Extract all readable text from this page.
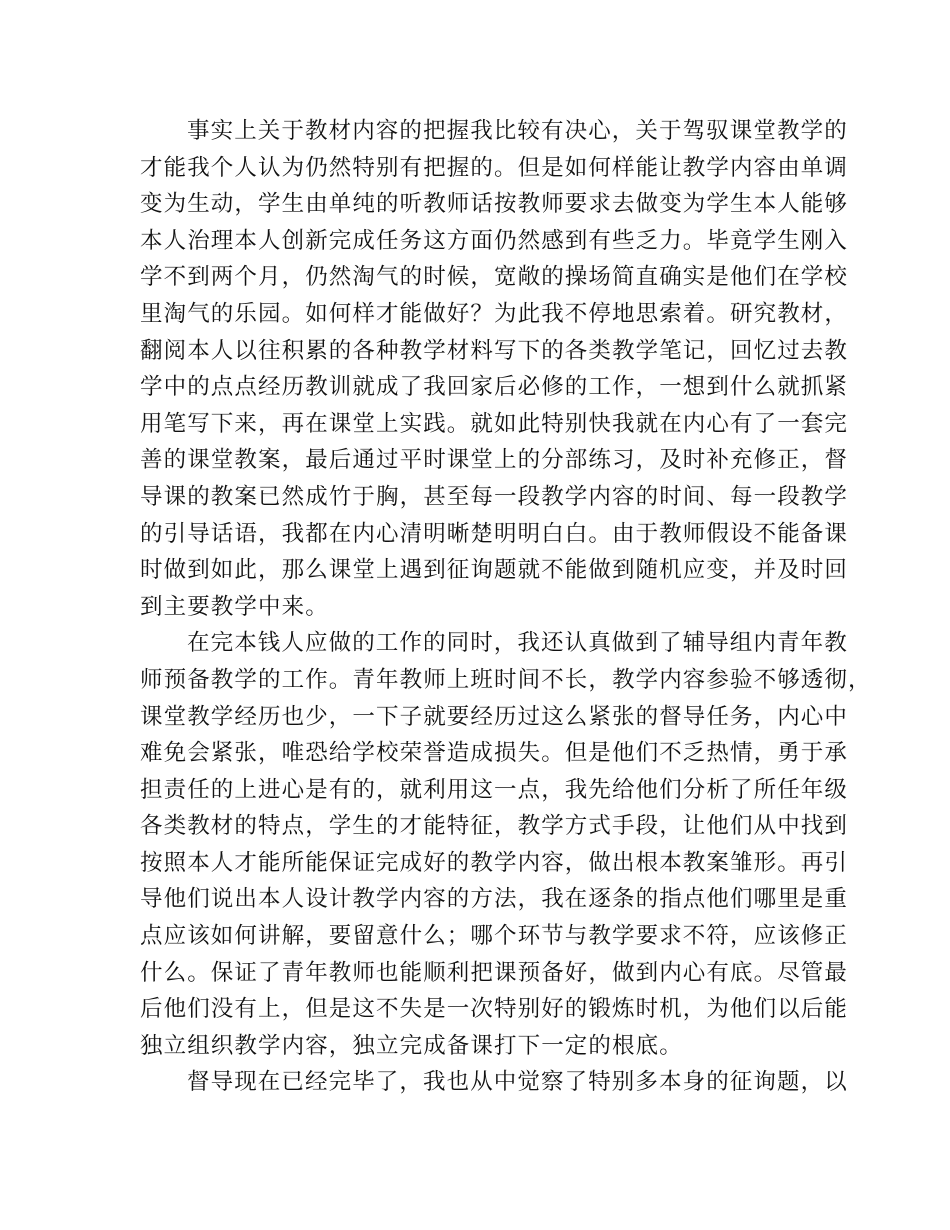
事实上关于教材内容的把握我比较有决心，关于驾驭课堂教学的
才能我个人认为仍然特别有把握的。但是如何样能让教学内容由单调
变为生动，学生由单纯的听教师话按教师要求去做变为学生本人能够
本人治理本人创新完成任务这方面仍然感到有些乏力。毕竟学生刚入
学不到两个月，仍然淘气的时候，宽敞的操场简直确实是他们在学校
里淘气的乐园。如何样才能做好？为此我不停地思索着。研究教材，
翻阅本人以往积累的各种教学材料写下的各类教学笔记，回忆过去教
学中的点点经历教训就成了我回家后必修的工作，一想到什么就抓紧
用笔写下来，再在课堂上实践。就如此特别快我就在内心有了一套完
善的课堂教案，最后通过平时课堂上的分部练习，及时补充修正，督
导课的教案已然成竹于胸，甚至每一段教学内容的时间、每一段教学
的引导话语，我都在内心清明晰楚明明白白。由于教师假设不能备课
时做到如此，那么课堂上遇到征询题就不能做到随机应变，并及时回
到主要教学中来。
在完本钱人应做的工作的同时，我还认真做到了辅导组内青年教
师预备教学的工作。青年教师上班时间不长，教学内容参验不够透彻，
课堂教学经历也少，一下子就要经历过这么紧张的督导任务，内心中
难免会紧张，唯恐给学校荣誉造成损失。但是他们不乏热情，勇于承
担责任的上进心是有的，就利用这一点，我先给他们分析了所任年级
各类教材的特点，学生的才能特征，教学方式手段，让他们从中找到
按照本人才能所能保证完成好的教学内容，做出根本教案雏形。再引
导他们说出本人设计教学内容的方法，我在逐条的指点他们哪里是重
点应该如何讲解，要留意什么；哪个环节与教学要求不符，应该修正
什么。保证了青年教师也能顺利把课预备好，做到内心有底。尽管最
后他们没有上，但是这不失是一次特别好的锻炼时机，为他们以后能
独立组织教学内容，独立完成备课打下一定的根底。
督导现在已经完毕了，我也从中觉察了特别多本身的征询题，以
